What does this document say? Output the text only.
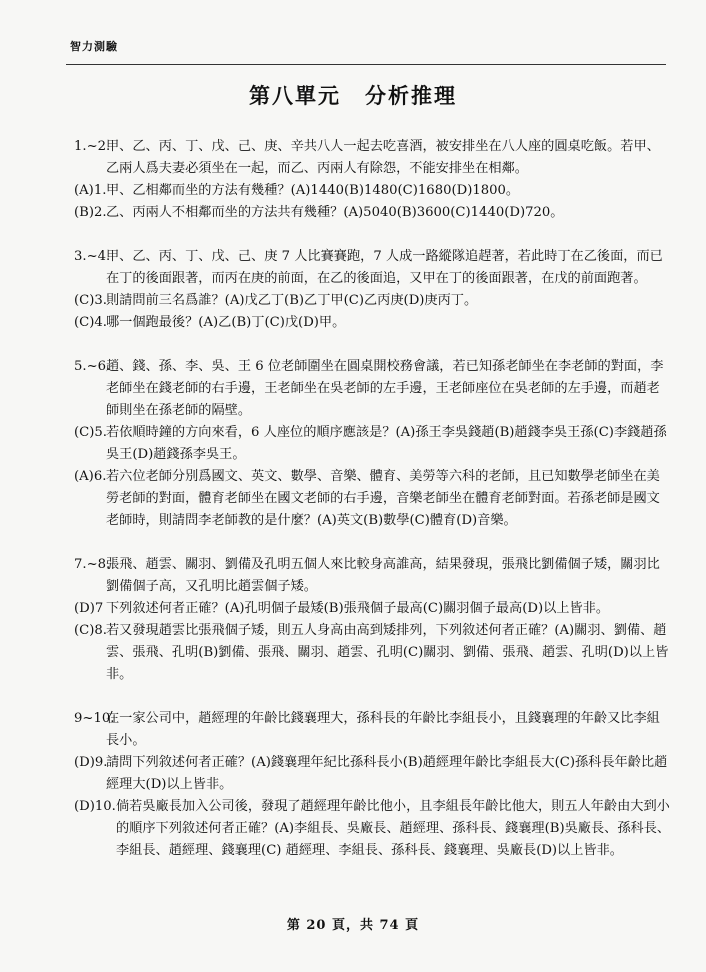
智力測驗
第八單元 分析推理
1.~2.
甲、乙、丙、丁、戊、己、庚、辛共八人一起去吃喜酒，被安排坐在八人座的圓桌吃飯。若甲、乙兩人爲夫妻必須坐在一起，而乙、丙兩人有除怨，不能安排坐在相鄰。
(A)1. 甲、乙相鄰而坐的方法有幾種？(A)1440(B)1480(C)1680(D)1800。
(B)2. 乙、丙兩人不相鄰而坐的方法共有幾種？(A)5040(B)3600(C)1440(D)720。
3.~4.
甲、乙、丙、丁、戊、己、庚 7 人比賽賽跑，7 人成一路縱隊追趕著，若此時丁在乙後面，而已在丁的後面跟著，而丙在庚的前面，在乙的後面追，又甲在丁的後面跟著，在戊的前面跑著。
(C)3. 則請問前三名爲誰？(A)戊乙丁(B)乙丁甲(C)乙丙庚(D)庚丙丁。
(C)4. 哪一個跑最後？(A)乙(B)丁(C)戊(D)甲。
5.~6.
趙、錢、孫、李、吳、王 6 位老師圍坐在圓桌開校務會議，若已知孫老師坐在李老師的對面，李老師坐在錢老師的右手邊，王老師坐在吳老師的左手邊，王老師座位在吳老師的左手邊，而趙老師則坐在孫老師的隔壁。
(C)5. 若依順時鐘的方向來看，6 人座位的順序應該是？(A)孫王李吳錢趙(B)趙錢李吳王孫(C)李錢趙孫吳王(D)趙錢孫李吳王。
(A)6. 若六位老師分別爲國文、英文、數學、音樂、體育、美勞等六科的老師，且已知數學老師坐在美勞老師的對面，體育老師坐在國文老師的右手邊，音樂老師坐在體育老師對面。若孫老師是國文老師時，則請問李老師教的是什麼？(A)英文(B)數學(C)體育(D)音樂。
7.~8.
張飛、趙雲、關羽、劉備及孔明五個人來比較身高誰高，結果發現，張飛比劉備個子矮，關羽比劉備個子高，又孔明比趙雲個子矮。
(D)7 下列敘述何者正確？(A)孔明個子最矮(B)張飛個子最高(C)關羽個子最高(D)以上皆非。
(C)8. 若又發現趙雲比張飛個子矮，則五人身高由高到矮排列，下列敘述何者正確？(A)關羽、劉備、趙雲、張飛、孔明(B)劉備、張飛、關羽、趙雲、孔明(C)關羽、劉備、張飛、趙雲、孔明(D)以上皆非。
9~10.
在一家公司中，趙經理的年齡比錢襄理大，孫科長的年齡比李組長小，且錢襄理的年齡又比李組長小。
(D)9.
請問下列敘述何者正確？(A)錢襄理年紀比孫科長小(B)趙經理年齡比李組長大(C)孫科長年齡比趙經理大(D)以上皆非。
(D)10. 倘若吳廠長加入公司後，發現了趙經理年齡比他小，且李組長年齡比他大，則五人年齡由大到小的順序下列敘述何者正確？(A)李組長、吳廠長、趙經理、孫科長、錢襄理(B)吳廠長、孫科長、李組長、趙經理、錢襄理(C) 趙經理、李組長、孫科長、錢襄理、吳廠長(D)以上皆非。
第 20 頁，共 74 頁
